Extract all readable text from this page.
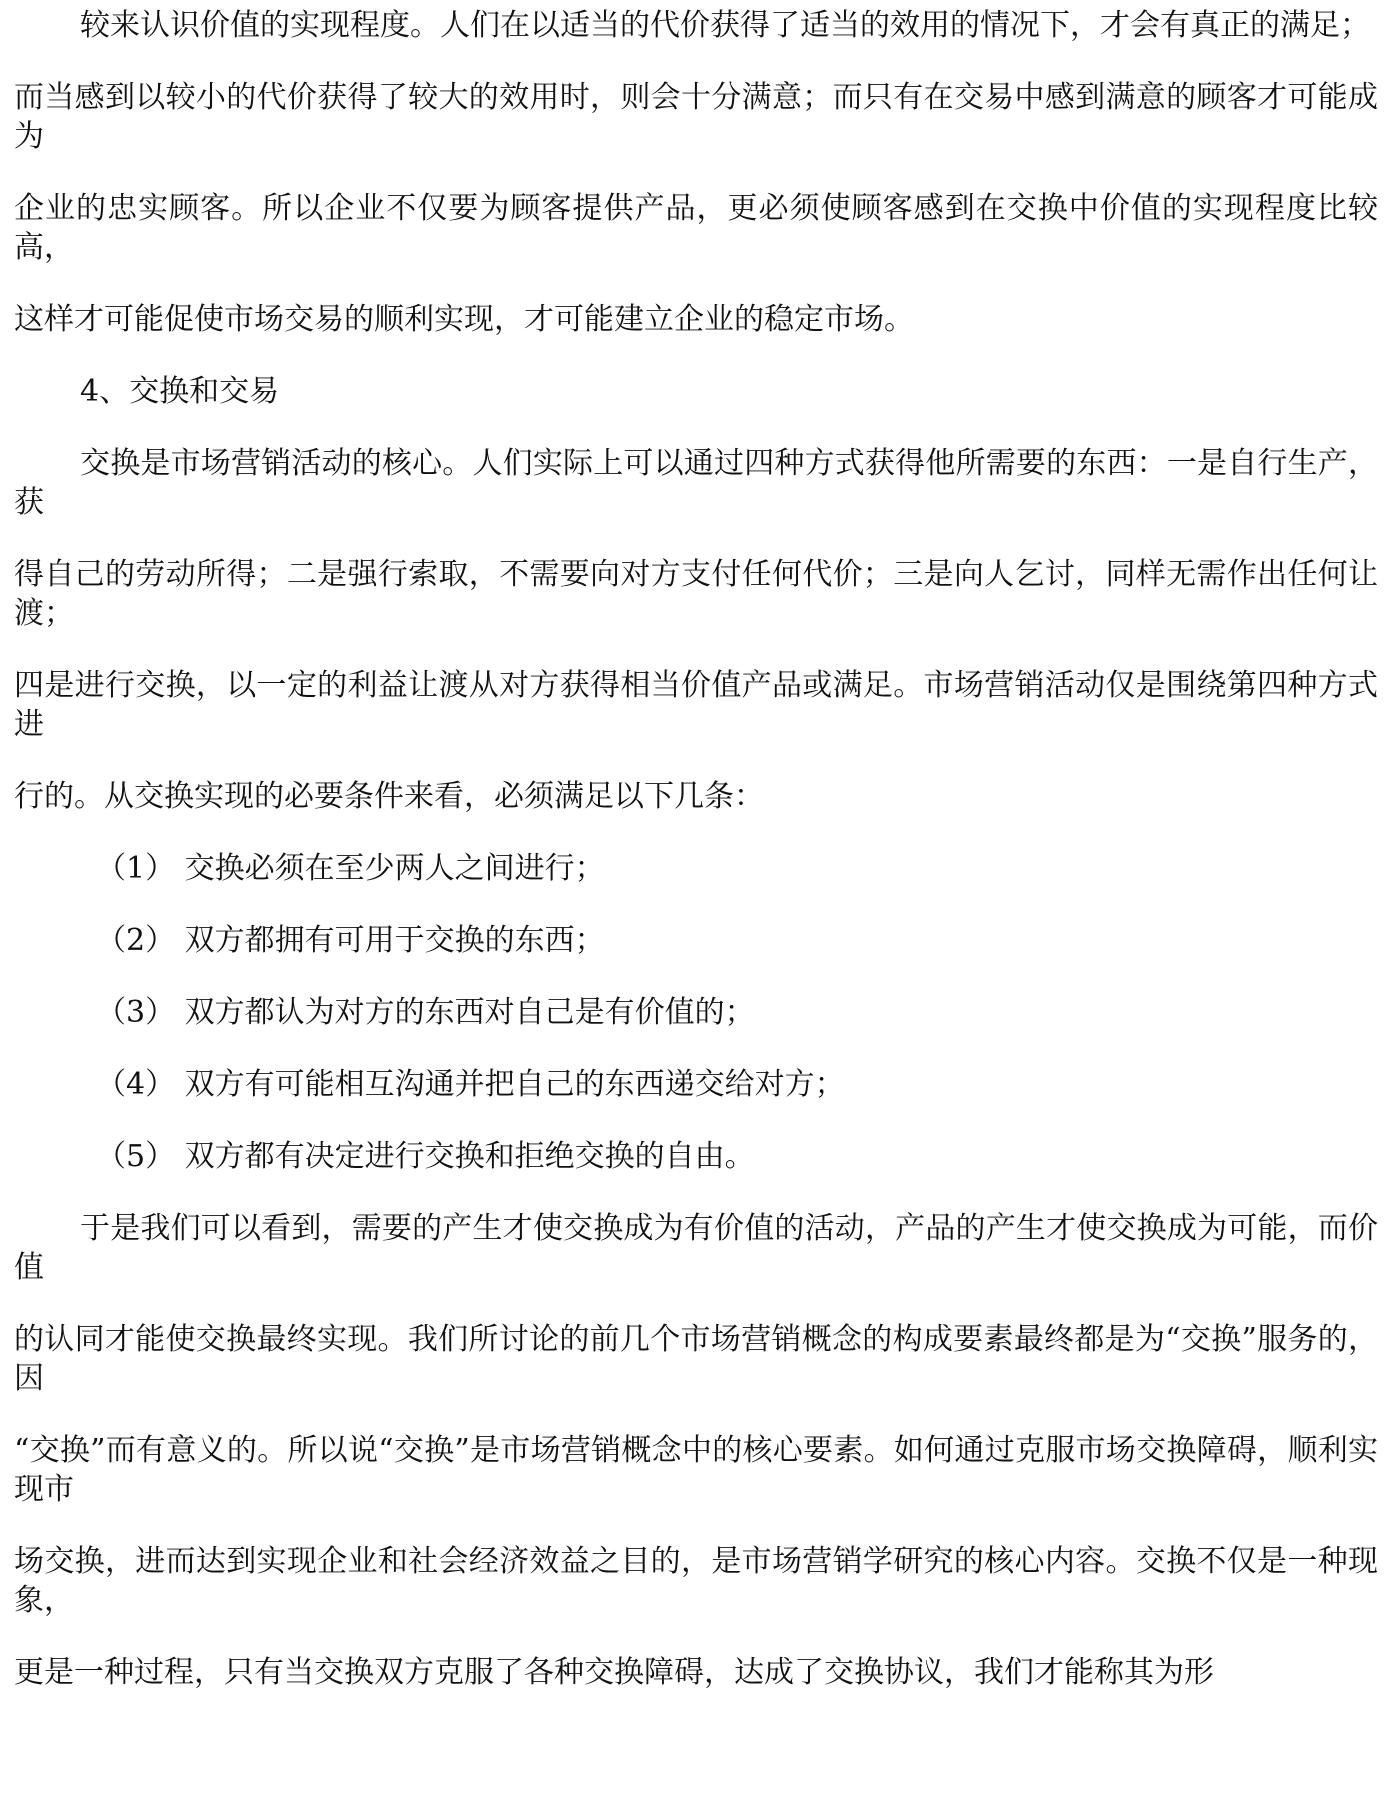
较来认识价值的实现程度。人们在以适当的代价获得了适当的效用的情况下，才会有真正的满足；

而当感到以较小的代价获得了较大的效用时，则会十分满意；而只有在交易中感到满意的顾客才可能成为

企业的忠实顾客。所以企业不仅要为顾客提供产品，更必须使顾客感到在交换中价值的实现程度比较高，

这样才可能促使市场交易的顺利实现，才可能建立企业的稳定市场。

4、交换和交易

交换是市场营销活动的核心。人们实际上可以通过四种方式获得他所需要的东西：一是自行生产，获

得自己的劳动所得；二是强行索取，不需要向对方支付任何代价；三是向人乞讨，同样无需作出任何让渡；

四是进行交换，以一定的利益让渡从对方获得相当价值产品或满足。市场营销活动仅是围绕第四种方式进

行的。从交换实现的必要条件来看，必须满足以下几条：

（1） 交换必须在至少两人之间进行；

（2） 双方都拥有可用于交换的东西；

（3） 双方都认为对方的东西对自己是有价值的；

（4） 双方有可能相互沟通并把自己的东西递交给对方；

（5） 双方都有决定进行交换和拒绝交换的自由。

于是我们可以看到，需要的产生才使交换成为有价值的活动，产品的产生才使交换成为可能，而价值

的认同才能使交换最终实现。我们所讨论的前几个市场营销概念的构成要素最终都是为“交换”服务的，因

“交换”而有意义的。所以说“交换”是市场营销概念中的核心要素。如何通过克服市场交换障碍，顺利实现市

场交换，进而达到实现企业和社会经济效益之目的，是市场营销学研究的核心内容。交换不仅是一种现象，

更是一种过程，只有当交换双方克服了各种交换障碍，达成了交换协议，我们才能称其为形
